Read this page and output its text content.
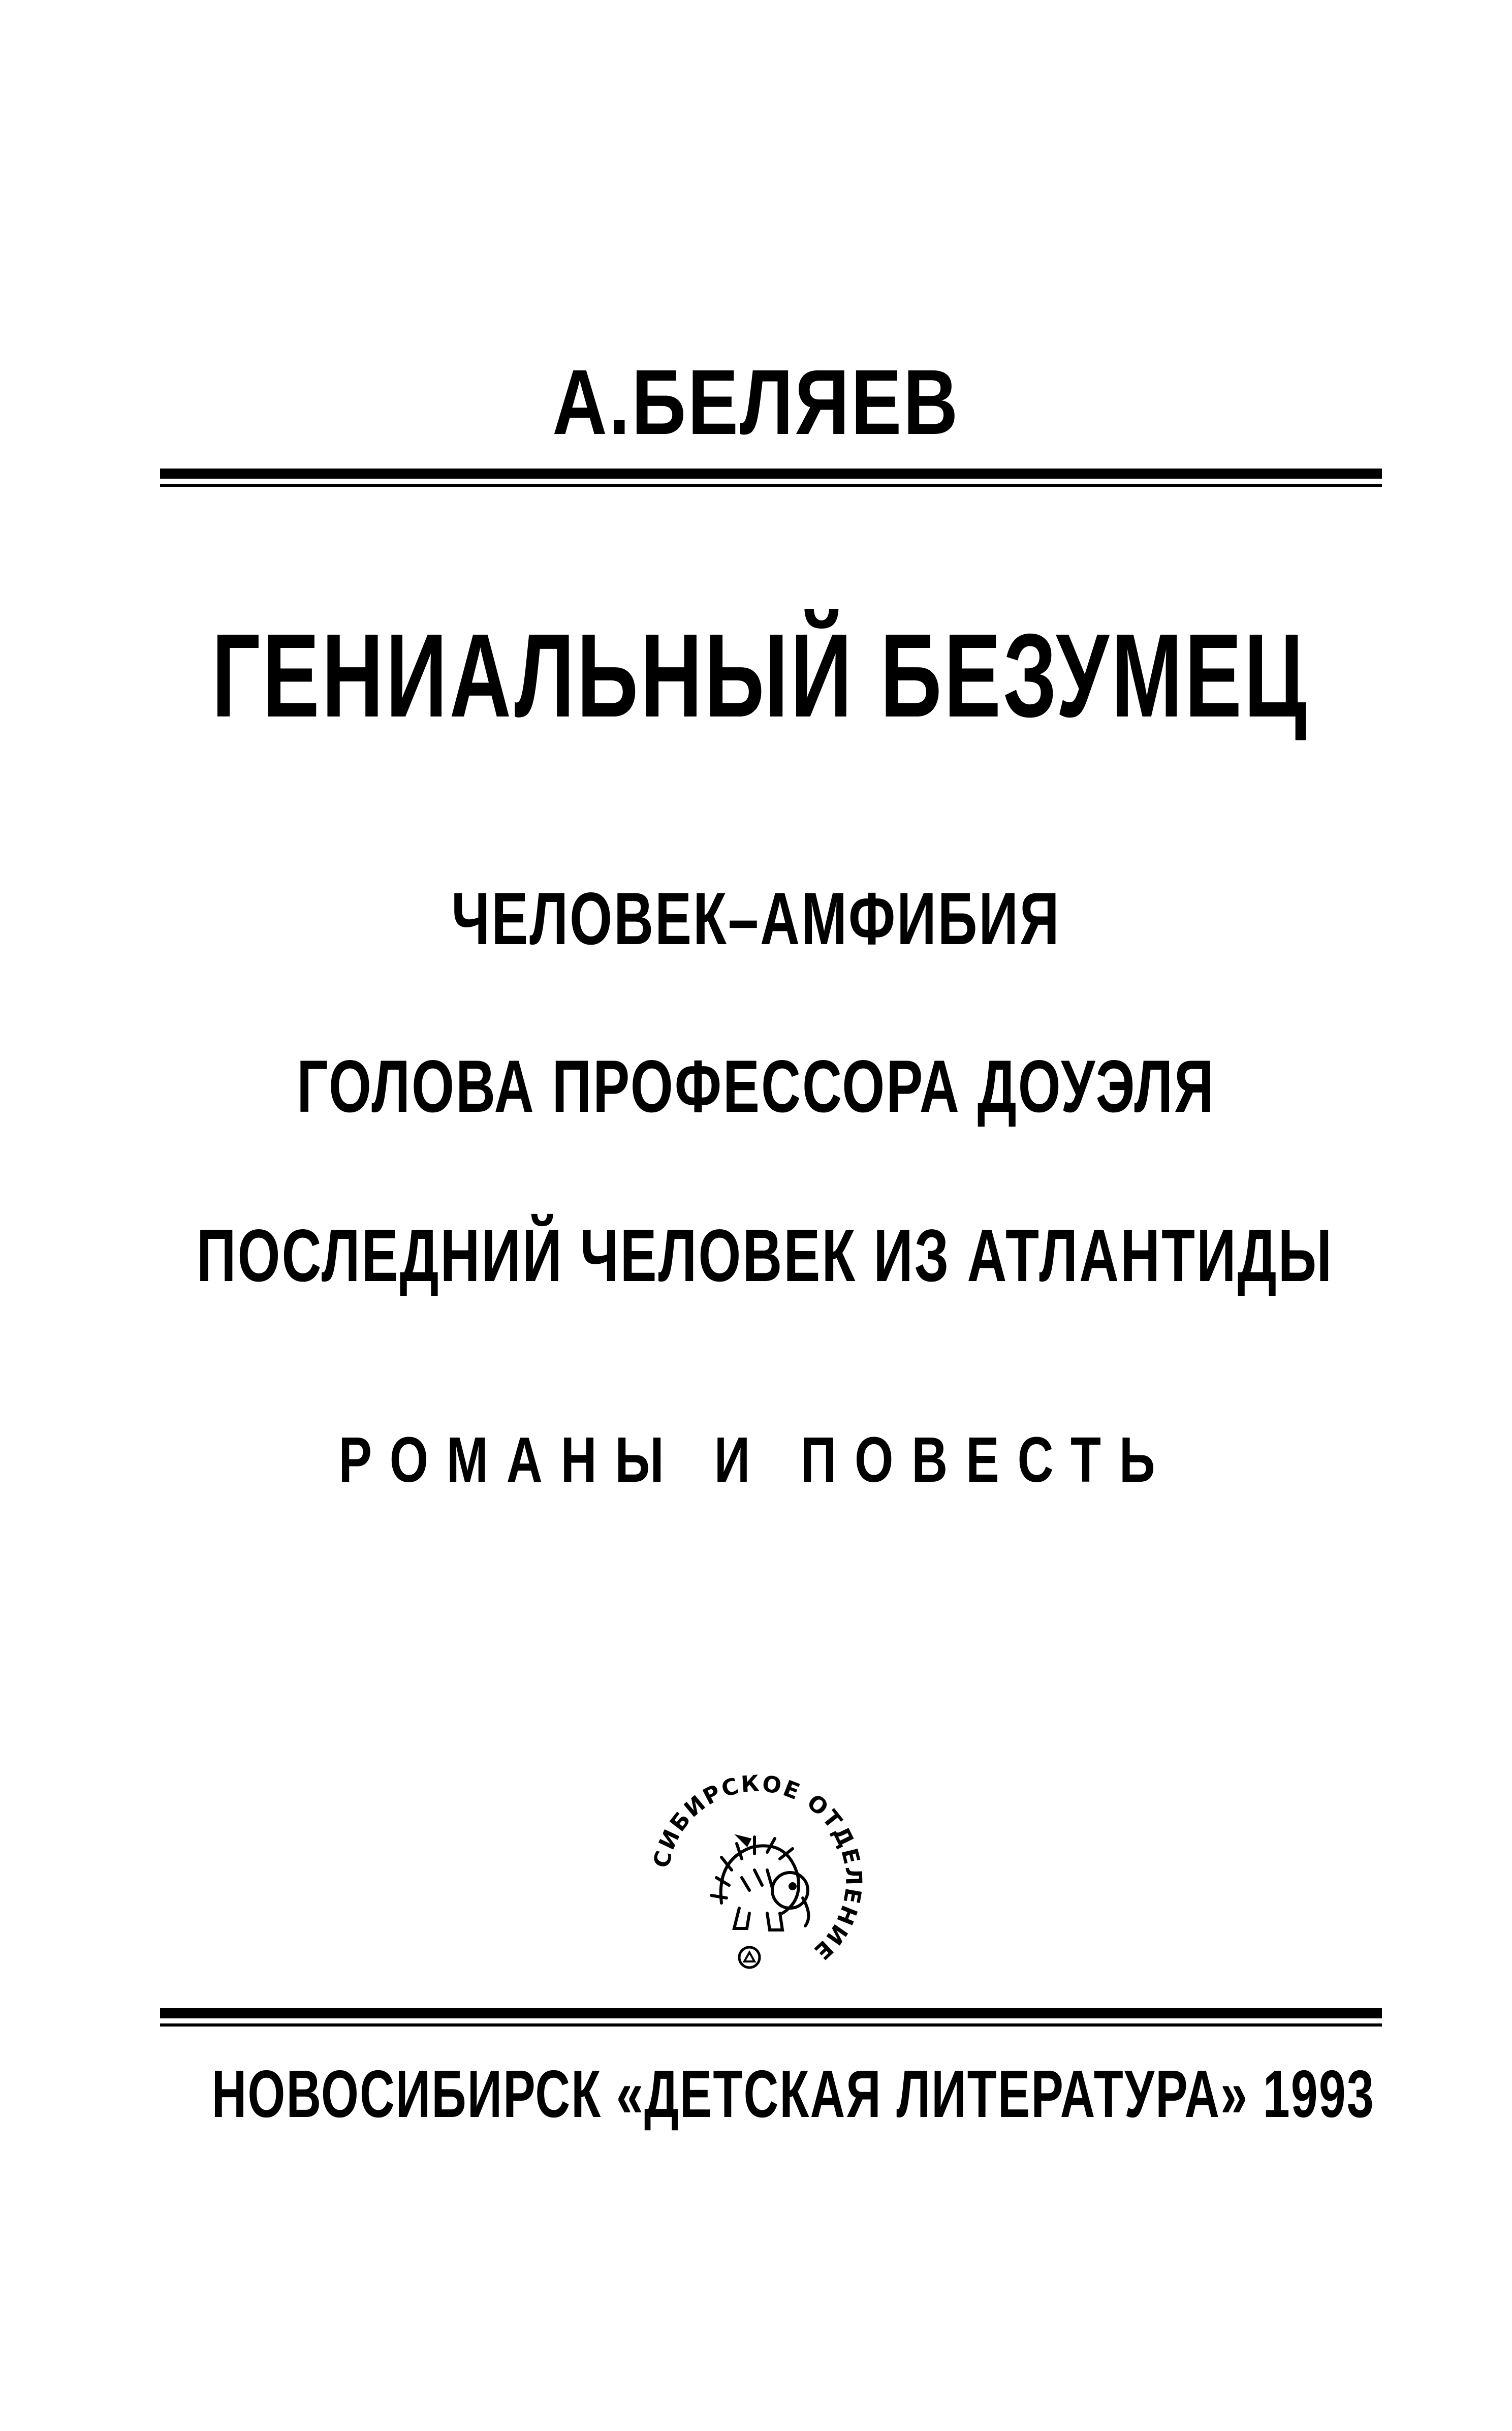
А.БЕЛЯЕВ
ГЕНИАЛЬНЫЙ БЕЗУМЕЦ
ЧЕЛОВЕК–АМФИБИЯ
ГОЛОВА ПРОФЕССОРА ДОУЭЛЯ
ПОСЛЕДНИЙ ЧЕЛОВЕК ИЗ АТЛАНТИДЫ
РОМАНЫ И ПОВЕСТЬ
СИБИРСКОЕ ОТДЕЛЕНИЕ
НОВОСИБИРСК «ДЕТСКАЯ ЛИТЕРАТУРА» 1993
